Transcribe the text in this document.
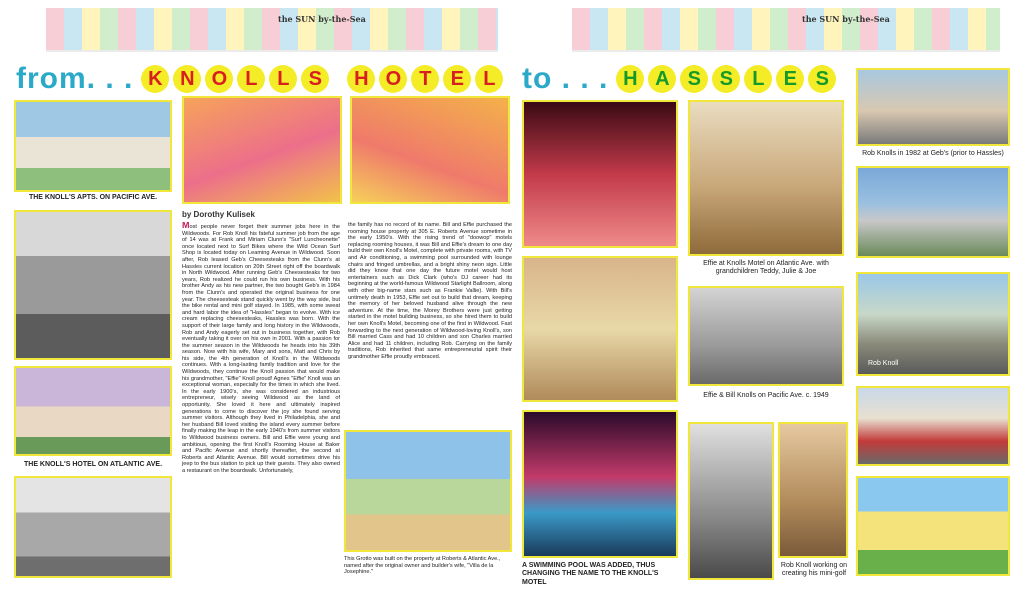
the SUN by-the-Sea	the SUN by-the-Sea
from. . . K N O L L S	H O T E L to . . . H A S S L E S
THE KNOLL'S APTS. ON PACIFIC AVE.
THE KNOLL'S HOTEL ON ATLANTIC AVE.
by Dorothy Kulisek
Most people never forget their summer jobs here in the Wildwoods. For Rob Knoll his fateful summer job from the age of 14 was at Frank and Miriam Clunn's "Surf Luncheonette" once located next to Surf Bikes where the Wild Ocean Surf Shop is located today on Leaming Avenue in Wildwood. Soon after, Rob leased Geb's Cheesesteaks from the Clunn's at Hassles current location on 20th Street right off the boardwalk in North Wildwood. After running Geb's Cheesesteaks for two years, Rob realized he could run his own business. With his brother Andy as his new partner, the two bought Geb's in 1984 from the Clunn's and operated the original business for one year. The cheesesteak stand quickly went by the way side, but the bike rental and mini golf stayed. In 1985, with some sweat and hard labor the idea of "Hassles" began to evolve. With ice cream replacing cheesesteaks, Hassles was born. With the support of their large family and long history in the Wildwoods, Rob and Andy eagerly set out in business together, with Rob eventually taking it over on his own in 2001. With a passion for the summer season in the Wildwoods he heads into his 39th season. Now with his wife, Mary and sons, Matt and Chris by his side, the 4th generation of Knoll's in the Wildwoods continues. With a long-lasting family tradition and love for the Wildwoods, they continue the Knoll passion that would make his grandmother, "Effie" Knoll proud! Agnes "Effie" Knoll was an exceptional woman, especially for the times in which she lived. In the early 1900's, she was considered an industrious entrepreneur, wisely seeing Wildwood as the land of opportunity. She loved it here and ultimately inspired generations to come to discover the joy she found serving summer visitors. Although they lived in Philadelphia, she and her husband Bill loved visiting the island every summer before finally making the leap in the early 1940's from summer visitors to Wildwood business owners. Bill and Effie were young and ambitious, opening the first Knoll's Rooming House at Baker and Pacific Avenue and shortly thereafter, the second at Roberts and Atlantic Avenue. Bill would sometimes drive his jeep to the bus station to pick up their guests. They also owned a restaurant on the boardwalk. Unfortunately,
the family has no record of its name. Bill and Effie purchased the rooming house property at 305 E. Roberts Avenue sometime in the early 1950's. With the rising trend of "doowop" motels replacing rooming houses, it was Bill and Effie's dream to one day build their own Knoll's Motel, complete with private rooms, with TV and Air conditioning, a swimming pool surrounded with lounge chairs and fringed umbrellas, and a bright shiny neon sign. Little did they know that one day the future motel would host entertainers such as Dick Clark (who's DJ career had its beginning at the world-famous Wildwood Starlight Ballroom, along with other big-name stars such as Frankie Vallie). With Bill's untimely death in 1953, Effie set out to build that dream, keeping the memory of her beloved husband alive through the new adventure. At the time, the Morey Brothers were just getting started in the motel building business, so she hired them to build her own Knoll's Motel, becoming one of the first in Wildwood. Fast forwarding to the next generation of Wildwood-loving Knoll's, son Bill married Cass and had 10 children and son Charles married Alice and had 11 children, including Rob. Carrying on the family traditions, Rob inherited that same entrepreneurial spirit their grandmother Effie proudly embraced.
This Grotto was built on the property at Roberts & Atlantic Ave., named after the original owner and builder's wife, "Villa de la Josephine."
A SWIMMING POOL WAS ADDED, THUS CHANGING THE NAME TO THE KNOLL'S MOTEL
Effie at Knolls Motel on Atlantic Ave. with grandchildren Teddy, Julie & Joe
Effie & Bill Knolls on Pacific Ave. c. 1949
Rob Knoll working on creating his mini-golf
Rob Knolls in 1982 at Geb's (prior to Hassles)
Rob Knoll
